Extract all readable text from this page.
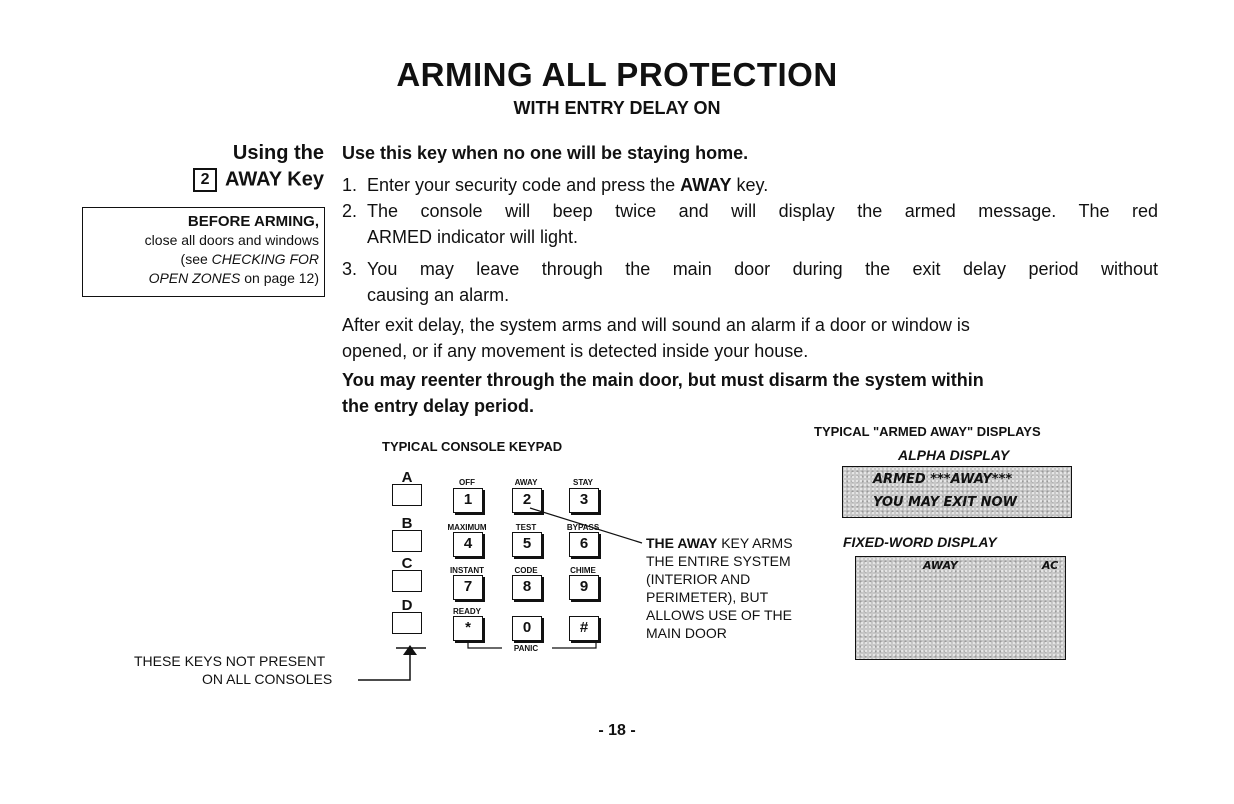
ARMING ALL PROTECTION
WITH ENTRY DELAY ON
Using the
2 AWAY Key
BEFORE ARMING,
close all doors and windows
(see CHECKING FOR
OPEN ZONES on page 12)
Use this key when no one will be staying home.
1. Enter your security code and press the AWAY key.
2. The console will beep twice and will display the armed message. The red
ARMED indicator will light.
3. You may leave through the main door during the exit delay period without
causing an alarm.
After exit delay, the system arms and will sound an alarm if a door or window is
opened, or if any movement is detected inside your house.
You may reenter through the main door, but must disarm the system within
the entry delay period.
TYPICAL CONSOLE KEYPAD
A
B
C
D
OFF	AWAY	STAY
1	2	3
MAXIMUM	TEST	BYPASS
4	5	6
INSTANT	CODE	CHIME
7	8	9
READY
*	0	#
PANIC
THE AWAY KEY ARMS
THE ENTIRE SYSTEM
(INTERIOR AND
PERIMETER), BUT
ALLOWS USE OF THE
MAIN DOOR
THESE KEYS NOT PRESENT
ON ALL CONSOLES
TYPICAL "ARMED AWAY" DISPLAYS
ALPHA DISPLAY
ARMED ***AWAY***
YOU MAY EXIT NOW
FIXED-WORD DISPLAY
AWAY	AC
- 18 -
